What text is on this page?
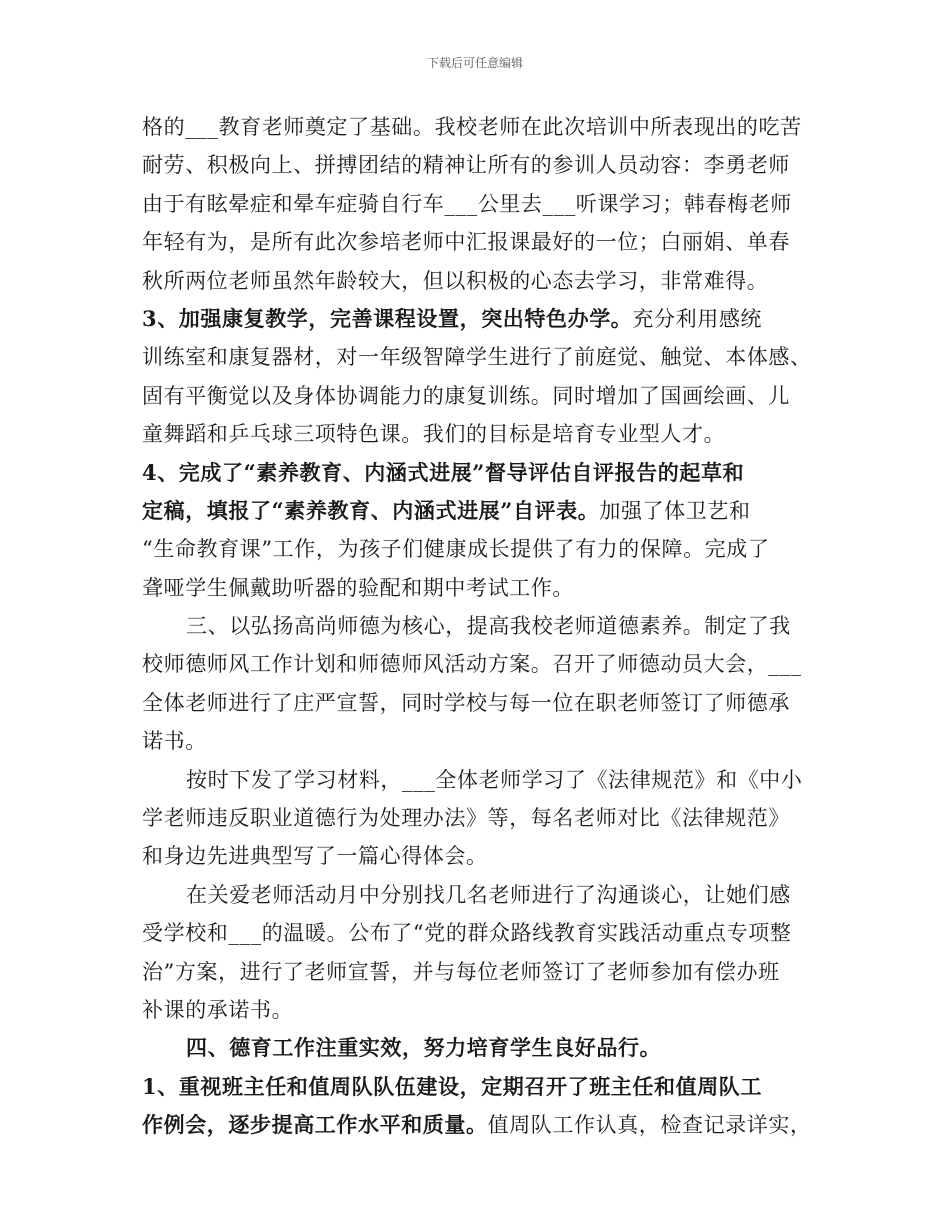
下载后可任意编辑
格的___教育老师奠定了基础。我校老师在此次培训中所表现出的吃苦
耐劳、积极向上、拼搏团结的精神让所有的参训人员动容：李勇老师
由于有眩晕症和晕车症骑自行车___公里去___听课学习；韩春梅老师
年轻有为，是所有此次参培老师中汇报课最好的一位；白丽娟、单春
秋所两位老师虽然年龄较大，但以积极的心态去学习，非常难得。
3、加强康复教学，完善课程设置，突出特色办学。充分利用感统
训练室和康复器材，对一年级智障学生进行了前庭觉、触觉、本体感、
固有平衡觉以及身体协调能力的康复训练。同时增加了国画绘画、儿
童舞蹈和乒乓球三项特色课。我们的目标是培育专业型人才。
4、完成了“素养教育、内涵式进展”督导评估自评报告的起草和
定稿，填报了“素养教育、内涵式进展”自评表。加强了体卫艺和
“生命教育课”工作，为孩子们健康成长提供了有力的保障。完成了
聋哑学生佩戴助听器的验配和期中考试工作。
三、以弘扬高尚师德为核心，提高我校老师道德素养。制定了我
校师德师风工作计划和师德师风活动方案。召开了师德动员大会，___
全体老师进行了庄严宣誓，同时学校与每一位在职老师签订了师德承
诺书。
按时下发了学习材料，___全体老师学习了《法律规范》和《中小
学老师违反职业道德行为处理办法》等，每名老师对比《法律规范》
和身边先进典型写了一篇心得体会。
在关爱老师活动月中分别找几名老师进行了沟通谈心，让她们感
受学校和___的温暖。公布了“党的群众路线教育实践活动重点专项整
治”方案，进行了老师宣誓，并与每位老师签订了老师参加有偿办班
补课的承诺书。
四、德育工作注重实效，努力培育学生良好品行。
1、重视班主任和值周队队伍建设，定期召开了班主任和值周队工
作例会，逐步提高工作水平和质量。值周队工作认真，检查记录详实，
